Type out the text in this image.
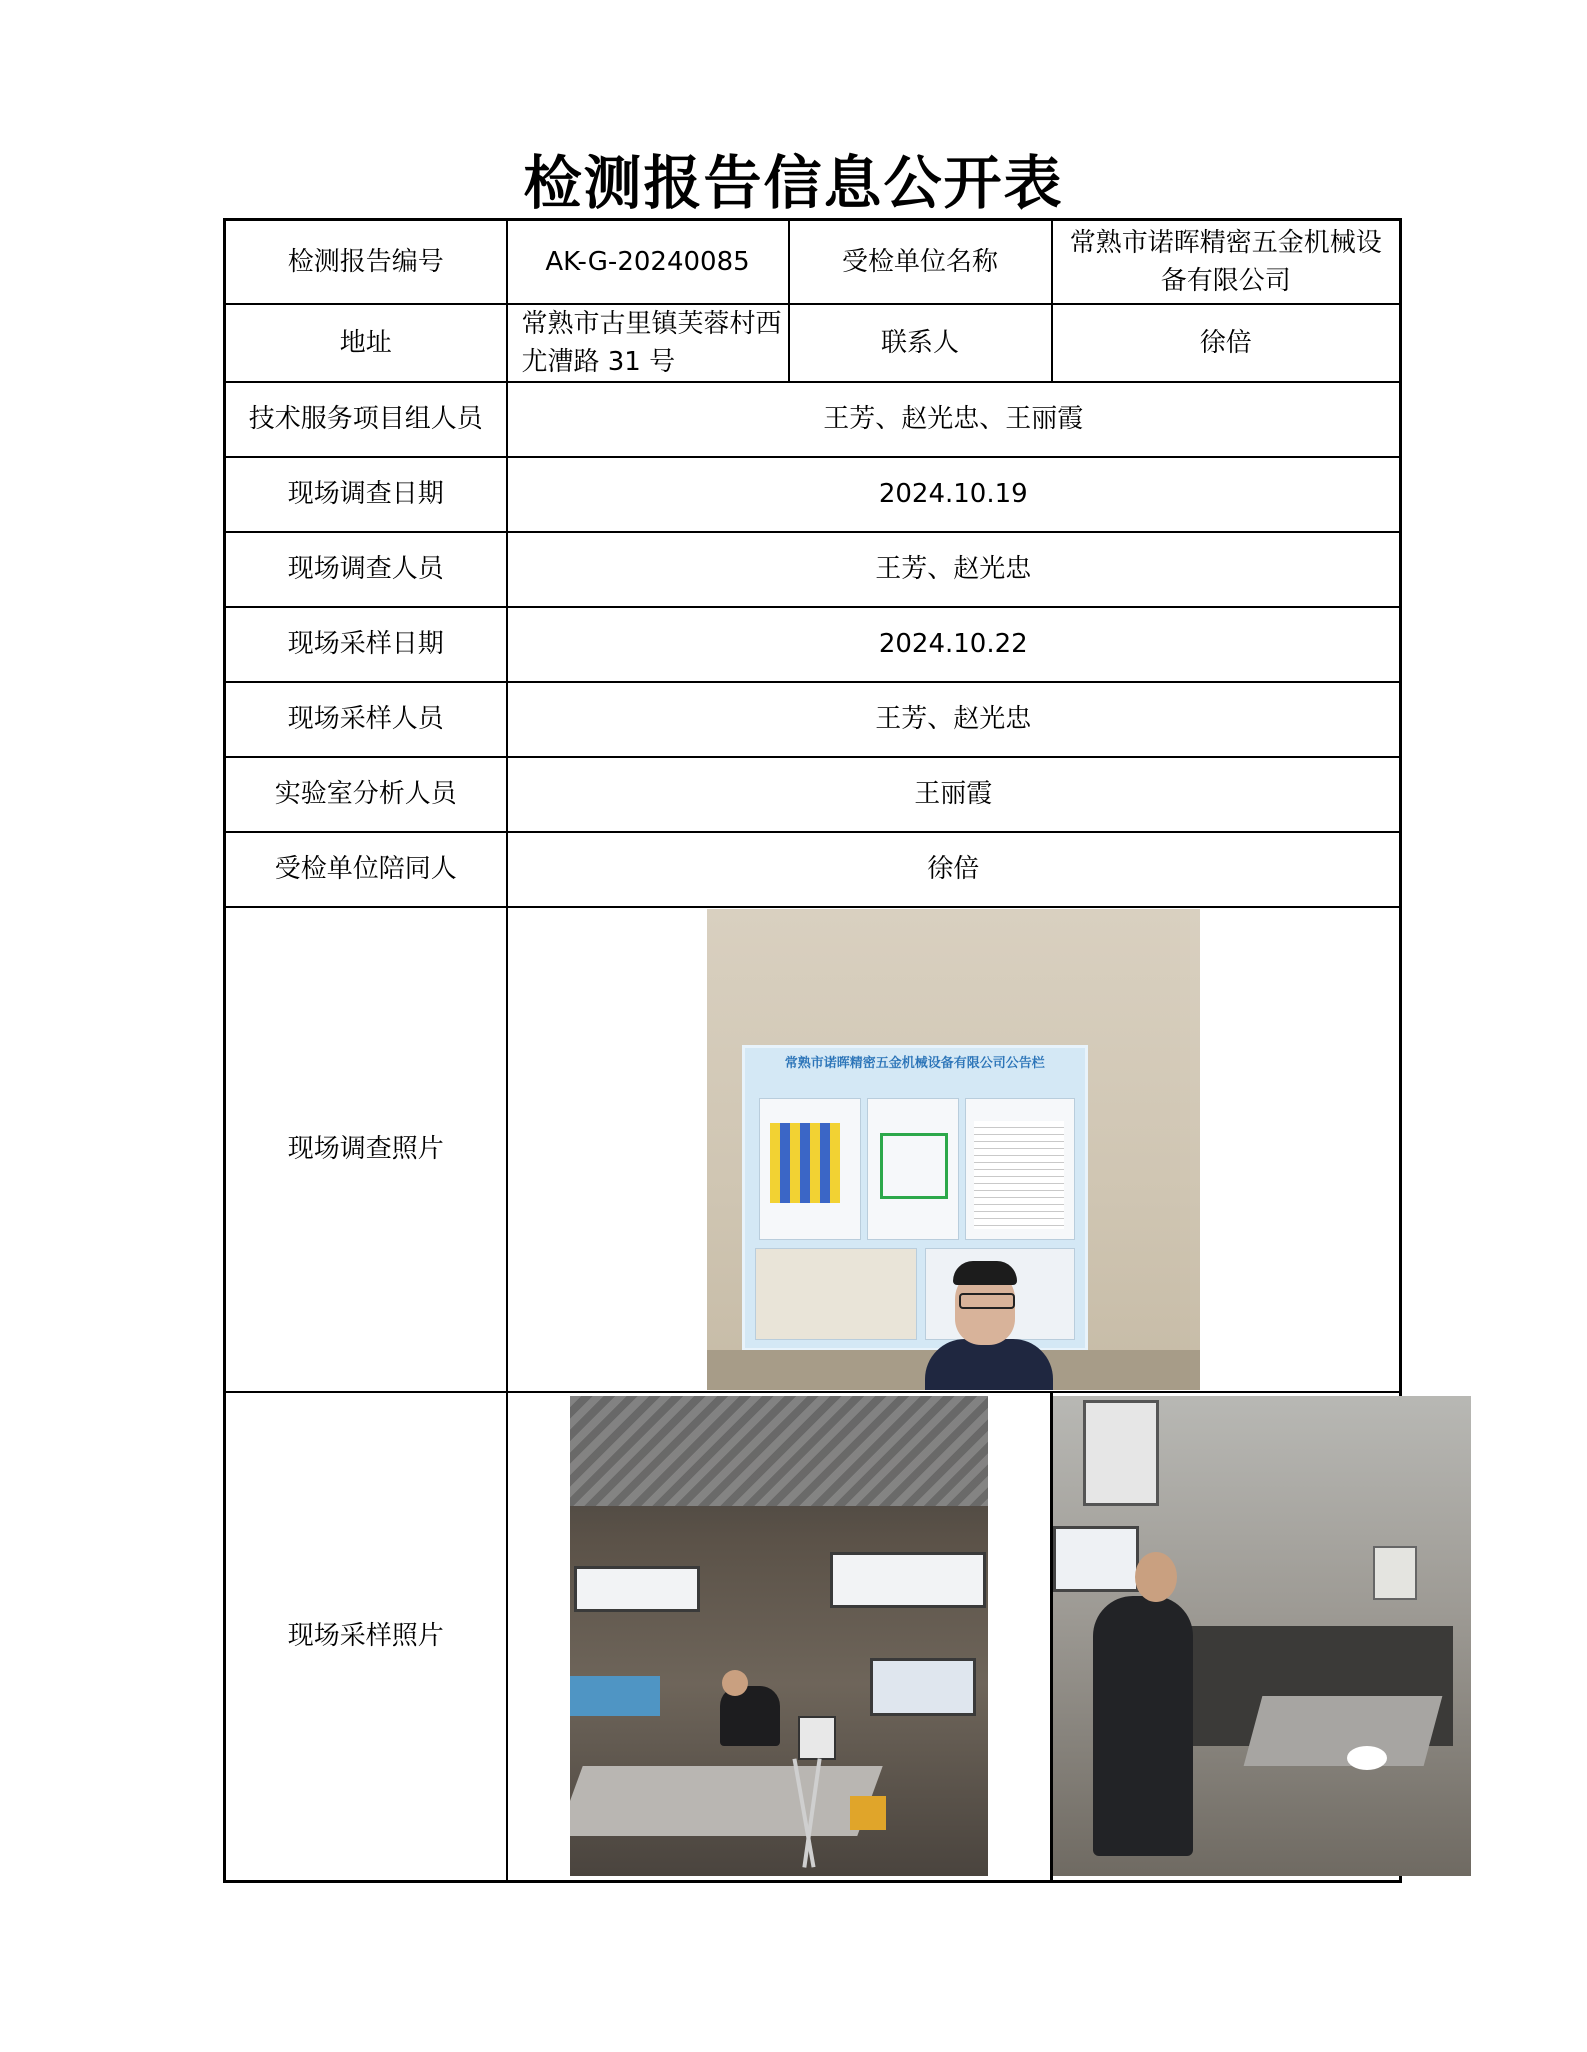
检测报告信息公开表
检测报告编号	AK-G-20240085	受检单位名称	常熟市诺晖精密五金机械设备有限公司
地址	常熟市古里镇芙蓉村西尤漕路 31 号	联系人	徐倍
技术服务项目组人员	王芳、赵光忠、王丽霞		
现场调查日期	2024.10.19		
现场调查人员	王芳、赵光忠		
现场采样日期	2024.10.22		
现场采样人员	王芳、赵光忠		
实验室分析人员	王丽霞		
受检单位陪同人	徐倍		
现场调查照片	常熟市诺晖精密五金机械设备有限公司公告栏		

现场采样照片		
